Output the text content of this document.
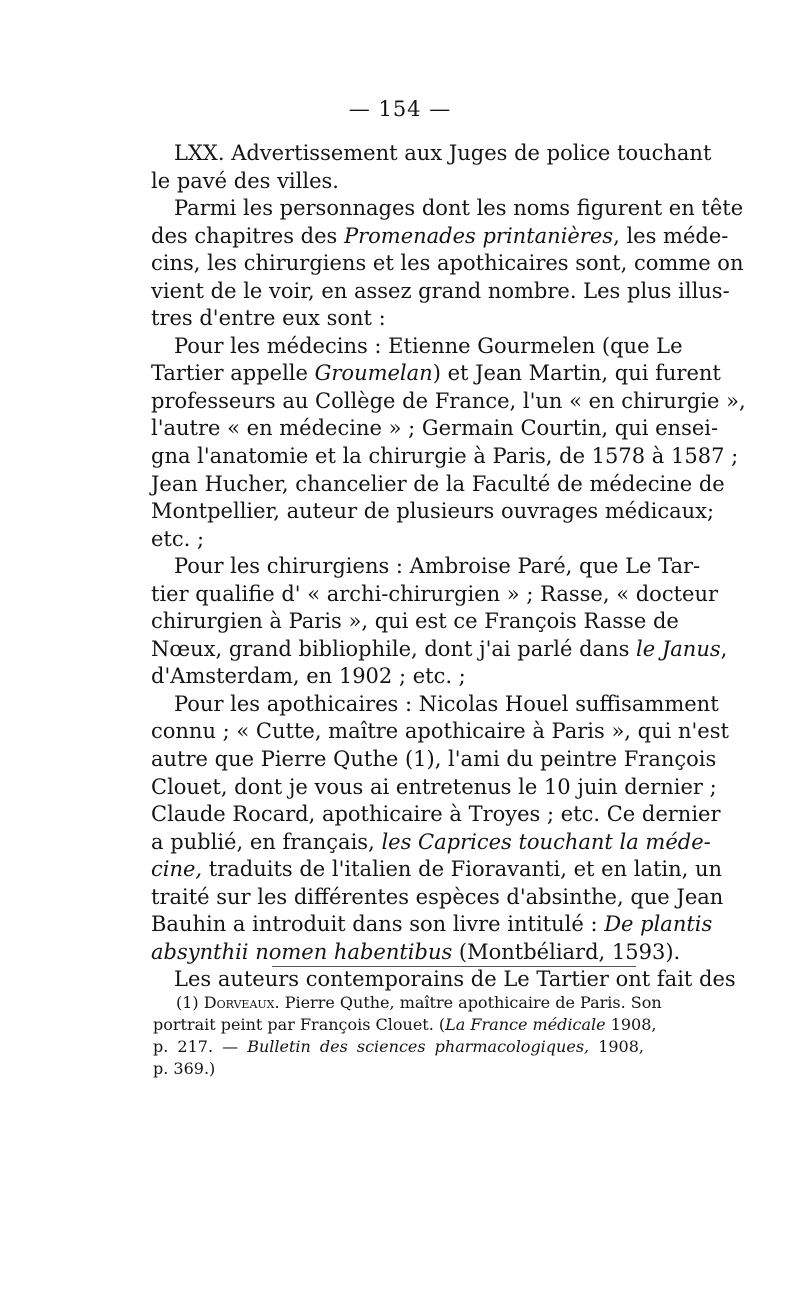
— 154 —
LXX. Advertissement aux Juges de police touchant
le pavé des villes.
Parmi les personnages dont les noms figurent en tête
des chapitres des Promenades printanières, les méde-
cins, les chirurgiens et les apothicaires sont, comme on
vient de le voir, en assez grand nombre. Les plus illus-
tres d'entre eux sont :
Pour les médecins : Etienne Gourmelen (que Le
Tartier appelle Groumelan) et Jean Martin, qui furent
professeurs au Collège de France, l'un « en chirurgie »,
l'autre « en médecine » ; Germain Courtin, qui ensei-
gna l'anatomie et la chirurgie à Paris, de 1578 à 1587 ;
Jean Hucher, chancelier de la Faculté de médecine de
Montpellier, auteur de plusieurs ouvrages médicaux;
etc. ;
Pour les chirurgiens : Ambroise Paré, que Le Tar-
tier qualifie d' « archi-chirurgien » ; Rasse, « docteur
chirurgien à Paris », qui est ce François Rasse de
Nœux, grand bibliophile, dont j'ai parlé dans le Janus,
d'Amsterdam, en 1902 ; etc. ;
Pour les apothicaires : Nicolas Houel suffisamment
connu ; « Cutte, maître apothicaire à Paris », qui n'est
autre que Pierre Quthe (1), l'ami du peintre François
Clouet, dont je vous ai entretenus le 10 juin dernier ;
Claude Rocard, apothicaire à Troyes ; etc. Ce dernier
a publié, en français, les Caprices touchant la méde-
cine, traduits de l'italien de Fioravanti, et en latin, un
traité sur les différentes espèces d'absinthe, que Jean
Bauhin a introduit dans son livre intitulé : De plantis
absynthii nomen habentibus (Montbéliard, 1593).
Les auteurs contemporains de Le Tartier ont fait des
(1) Dorveaux. Pierre Quthe, maître apothicaire de Paris. Son
portrait peint par François Clouet. (La France médicale 1908,
p. 217. — Bulletin des sciences pharmacologiques, 1908,
p. 369.)
